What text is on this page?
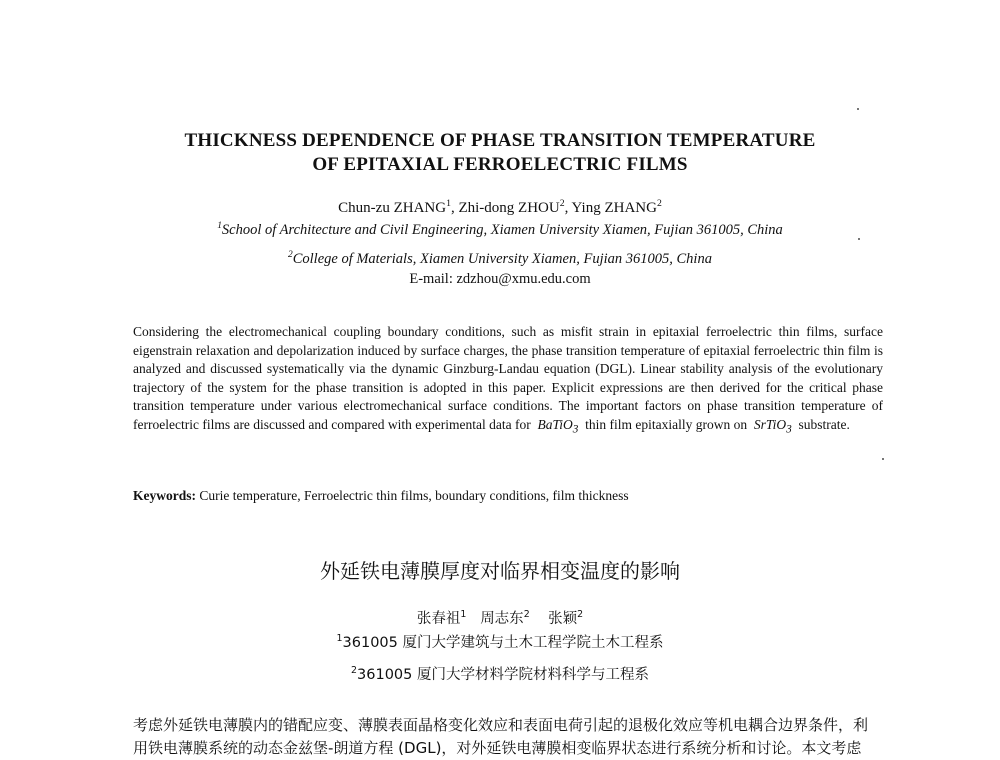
THICKNESS DEPENDENCE OF PHASE TRANSITION TEMPERATURE
OF EPITAXIAL FERROELECTRIC FILMS
Chun-zu ZHANG$^1$, Zhi-dong ZHOU$^2$, Ying ZHANG$^2$
$^1$School of Architecture and Civil Engineering, Xiamen University Xiamen, Fujian 361005, China
$^2$College of Materials, Xiamen University Xiamen, Fujian 361005, China
E-mail: zdzhou@xmu.edu.com
Considering the electromechanical coupling boundary conditions, such as misfit strain in epitaxial ferroelectric thin films, surface eigenstrain relaxation and depolarization induced by surface charges, the phase transition temperature of epitaxial ferroelectric thin film is analyzed and discussed systematically via the dynamic Ginzburg-Landau equation (DGL). Linear stability analysis of the evolutionary trajectory of the system for the phase transition is adopted in this paper. Explicit expressions are then derived for the critical phase transition temperature under various electromechanical surface conditions. The important factors on phase transition temperature of ferroelectric films are discussed and compared with experimental data for BaTiO$_3$ thin film epitaxially grown on SrTiO$_3$ substrate.
Keywords: Curie temperature, Ferroelectric thin films, boundary conditions, film thickness
外延铁电薄膜厚度对临界相变温度的影响
张春祖$^1$ 周志东$^2$ 张颖$^2$
$^1$361005 厦门大学建筑与土木工程学院土木工程系
$^2$361005 厦门大学材料学院材料科学与工程系
考虑外延铁电薄膜内的错配应变、薄膜表面晶格变化效应和表面电荷引起的退极化效应等机电耦合边界条件，利
用铁电薄膜系统的动态金兹堡-朗道方程 (DGL)，对外延铁电薄膜相变临界状态进行系统分析和讨论。本文考虑
